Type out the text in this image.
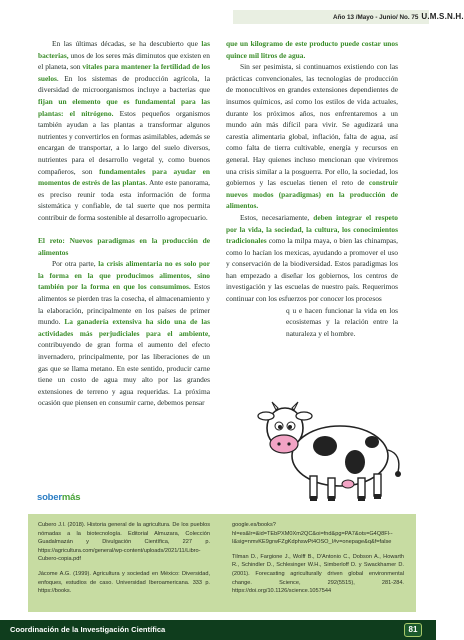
Año 13 /Mayo - Junio/ No. 75 U.M.S.N.H.

En las últimas décadas, se ha descubierto que las bacterias, unos de los seres más diminutos que existen en el planeta, son vitales para mantener la fertilidad de los suelos. En los sistemas de producción agrícola, la diversidad de microorganismos incluye a bacterias que fijan un elemento que es fundamental para las plantas: el nitrógeno. Estos pequeños organismos también ayudan a las plantas a transformar algunos nutrientes y convertirlos en formas asimilables, además se encargan de transportar, a lo largo del suelo diversos, nutrientes para el desarrollo vegetal y, como buenos compañeros, son fundamentales para ayudar en momentos de estrés de las plantas. Ante este panorama, es preciso reunir toda esta información de forma sistemática y confiable, de tal suerte que nos permita contribuir de forma sostenible al desarrollo agropecuario.

El reto: Nuevos paradigmas en la producción de alimentos

Por otra parte, la crisis alimentaria no es solo por la forma en la que producimos alimentos, sino también por la forma en que los consumimos. Estos alimentos se pierden tras la cosecha, el almacenamiento y la elaboración, principalmente en los países de primer mundo. La ganadería extensiva ha sido una de las actividades más perjudiciales para el ambiente, contribuyendo de gran forma el aumento del efecto invernadero, principalmente, por las liberaciones de un gas que se llama metano. En este sentido, producir carne tiene un costo de agua muy alto por las grandes extensiones de terreno y agua requeridas. La próxima ocasión que piensen en consumir carne, debemos pensar

que un kilogramo de este producto puede costar unos quince mil litros de agua.

Sin ser pesimista, si continuamos existiendo con las prácticas convencionales, las tecnologías de producción de monocultivos en grandes extensiones dependientes de insumos químicos, así como los estilos de vida actuales, durante los próximos años, nos enfrentaremos a un mundo aún más difícil para vivir. Se agudizará una carestía alimentaria global, inflación, falta de agua, así como falta de tierra cultivable, energía y recursos en general. Hay quienes incluso mencionan que viviremos una crisis similar a la posguerra. Por ello, la sociedad, los gobiernos y las escuelas tienen el reto de construir nuevos modos (paradigmas) en la producción de alimentos.

Estos, necesariamente, deben integrar el respeto por la vida, la sociedad, la cultura, los conocimientos tradicionales como la milpa maya, o bien las chinampas, como lo hacían los mexicas, ayudando a promover el uso y conservación de la biodiversidad. Estos paradigmas los han empezado a diseñar los gobiernos, los centros de investigación y las escuelas de nuestro país. Requerimos continuar con los esfuerzos por conocer los procesos

q u e hacen funcionar la vida en los ecosistemas y la relación entre la naturaleza y el hombre.

sobermás

Cubero J.I. (2018). Historia general de la agricultura. De los pueblos nómadas a la biotecnología. Editorial Almuzara, Colección Guadalmazán y Divulgación Científica, 227 p. https://agricultura.com/general/wp-content/uploads/2021/11/Libro-Cubero-copia.pdf

Jácome A.G. (1999). Agricultura y sociedad en México: Diversidad, enfoques, estudios de caso. Universidad Iberoamericana. 333 p. https://books.

google.es/books?hl=es&lr=&id=TEbPXM0Xm2QC&oi=fnd&pg=PA7&ots=G4Q8Fl--I&sig=nmvKE9grwFZgKdphswPt4OSO_I#v=onepage&q&f=false

Tilman D., Fargione J., Wolff B., D'Antonio C., Dobson A., Howarth R., Schindler D., Schlesinger W.H., Simberloff D. y Swackhamer D. (2001). Forecasting agriculturally driven global environmental change. Science, 292(5515), 281-284. https://doi.org/10.1126/science.1057544

Coordinación de la Investigación Científica	81
